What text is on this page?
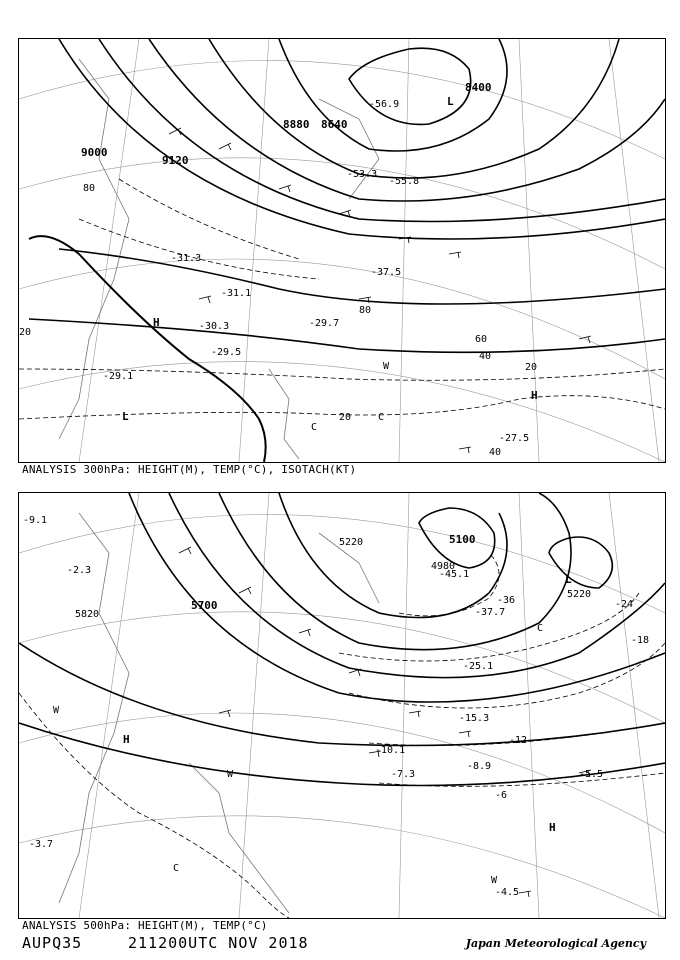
9000
9120
8880 8640
8400
80
60
40
20
20
40
20
80
H
H
L
L
W
C
C
-31.3
-31.1
-29.7
-29.5
-53.3
-55.8
-56.9
-37.5
-29.1
-27.5
-30.3
ANALYSIS 300hPa: HEIGHT(M), TEMP(°C), ISOTACH(KT)
5700
5820
5220
4980
5100
5220
-36	-24
-18
-12
-6
H
H
L
W
W
W
C
C
-45.1
-37.7
-25.1
-15.3
-10.1
-7.3
-8.9
-5.5
-4.5
-3.7
-9.1
-2.3
ANALYSIS 500hPa: HEIGHT(M), TEMP(°C)
AUPQ35	211200UTC NOV 2018	Japan Meteorological Agency
